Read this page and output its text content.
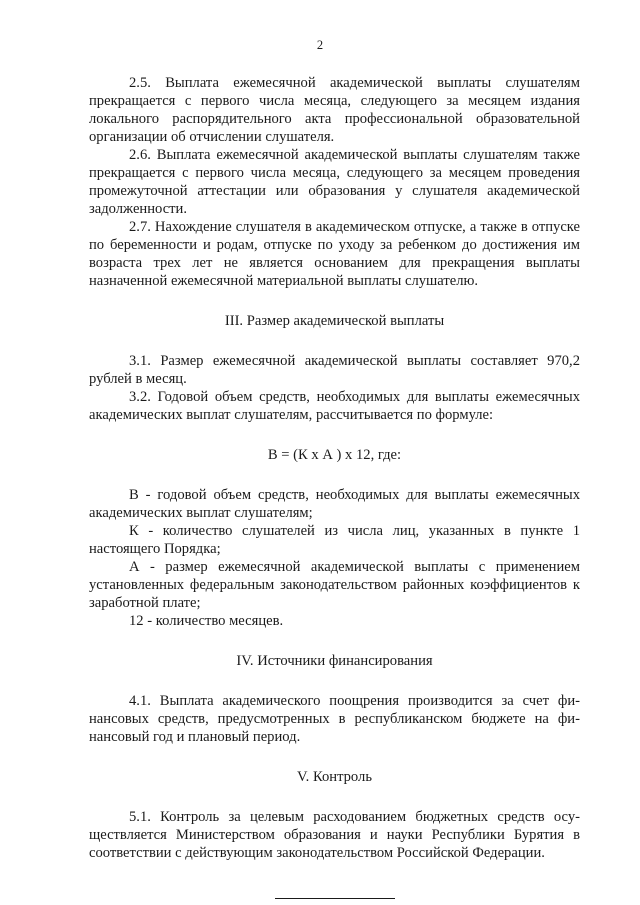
2

2.5. Выплата ежемесячной академической выплаты слушателям прекращается с первого числа месяца, следующего за месяцем издания локального распорядительного акта профессиональной образовательной организации об отчислении слушателя.

2.6. Выплата ежемесячной академической выплаты слушателям также прекращается с первого числа месяца, следующего за месяцем проведения промежуточной аттестации или образования у слушателя академической задолженности.

2.7. Нахождение слушателя в академическом отпуске, а также в отпуске по беременности и родам, отпуске по уходу за ребенком до достижения им возраста трех лет не является основанием для прекращения выплаты назначенной ежемесячной материальной выплаты слушателю.

III. Размер академической выплаты

3.1. Размер ежемесячной академической выплаты составляет 970,2 рублей в месяц.

3.2. Годовой объем средств, необходимых для выплаты ежемесячных академических выплат слушателям, рассчитывается по формуле:

В = (К х А ) х 12, где:

В - годовой объем средств, необходимых для выплаты ежемесячных академических выплат слушателям;

К - количество слушателей из числа лиц, указанных в пункте 1 настоящего Порядка;

А - размер ежемесячной академической выплаты с применением установленных федеральным законодательством районных коэффициентов к заработной плате;

12 - количество месяцев.

IV. Источники финансирования

4.1. Выплата академического поощрения производится за счет финансовых средств, предусмотренных в республиканском бюджете на финансовый год и плановый период.

V. Контроль

5.1. Контроль за целевым расходованием бюджетных средств осуществляется Министерством образования и науки Республики Бурятия в соответствии с действующим законодательством Российской Федерации.
